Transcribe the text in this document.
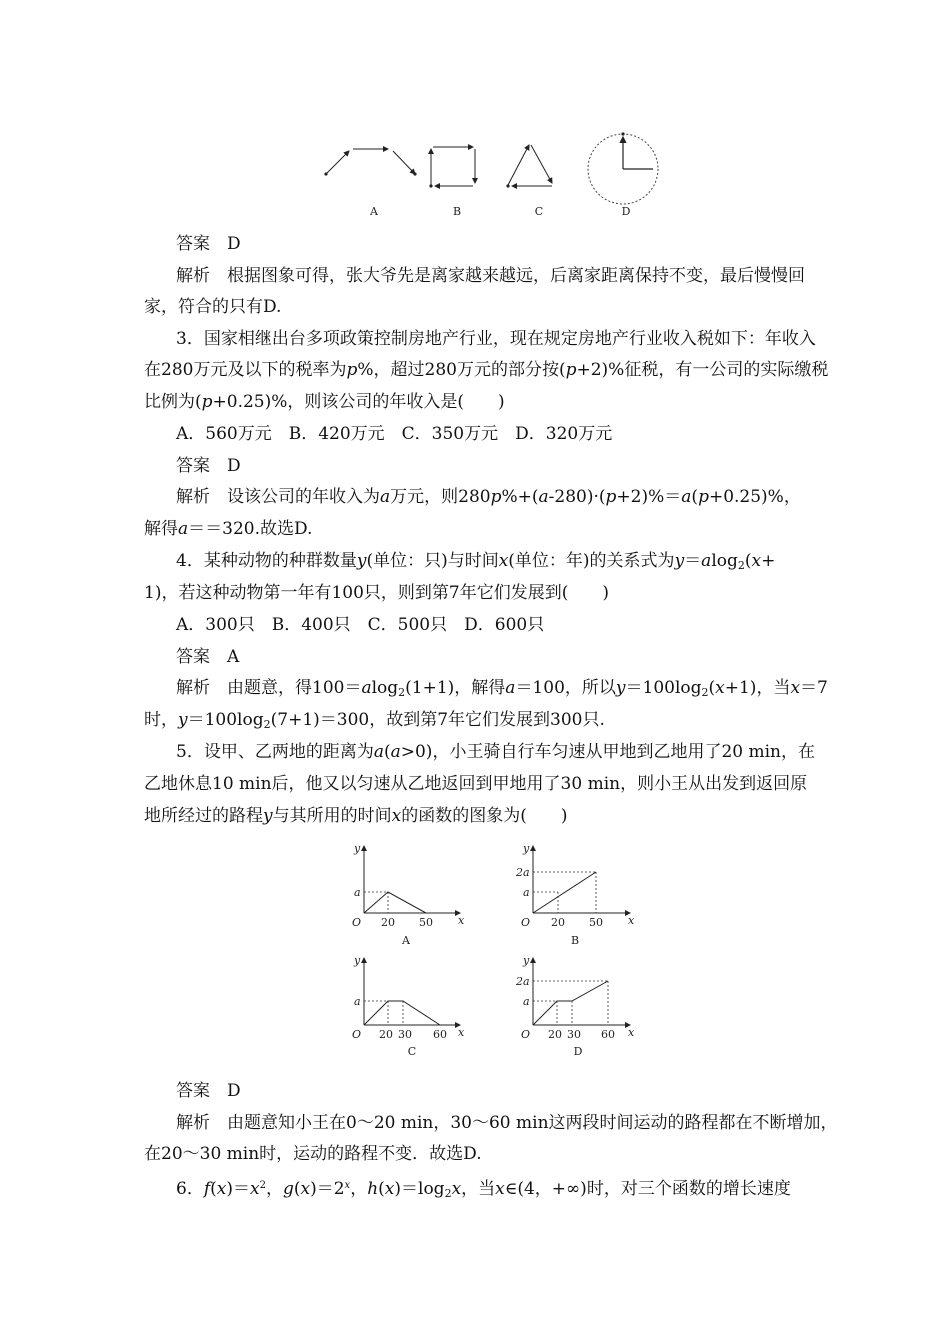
A	B	C	D
答案　 D
解析　 根据图象可得，张大爷先是离家越来越远，后离家距离保持不变，最后慢慢回
家，符合的只有D.
3．国家相继出台多项政策控制房地产行业，现在规定房地产行业收入税如下：年收入
在280万元及以下的税率为p%，超过280万元的部分按(p+2)%征税，有一公司的实际缴税
比例为(p+0.25)%，则该公司的年收入是(　　)
A．560万元　B．420万元　C．350万元　D．320万元
答案　 D
解析　 设该公司的年收入为a万元，则280p%+(a-280)·(p+2)%＝a(p+0.25)%，
解得a＝＝320.故选D.
4．某种动物的种群数量y(单位：只)与时间x(单位：年)的关系式为y＝alog$_2$(x+
1)，若这种动物第一年有100只，则到第7年它们发展到(　　)
A．300只　B．400只　C．500只　D．600只
答案　 A
解析　 由题意，得100＝alog$_2$(1+1)，解得a＝100，所以$y=100\log_2(x+1)$，当x＝7
时，$y=100\log_2(7+1)=300$，故到第7年它们发展到300只.
5．设甲、乙两地的距离为a(a>0)，小王骑自行车匀速从甲地到乙地用了20 min，在
乙地休息10 min后，他又以匀速从乙地返回到甲地用了30 min，则小王从出发到返回原
地所经过的路程y与其所用的时间x的函数的图象为(　　)
y
x
O
a
20 50
A
y
x
O
2a
a
20 50
B
y
x
O
a
20 30 60
C
y
x
O
2a
a
20 30 60
D
答案　 D
解析　 由题意知小王在0～20 min，30～60 min这两段时间运动的路程都在不断增加，
在20～30 min时，运动的路程不变．故选D.
6．$f(x)=x^2$，$g(x)=2^x$，$h(x)=\log_2x$，当x∈(4，+∞)时，对三个函数的增长速度
